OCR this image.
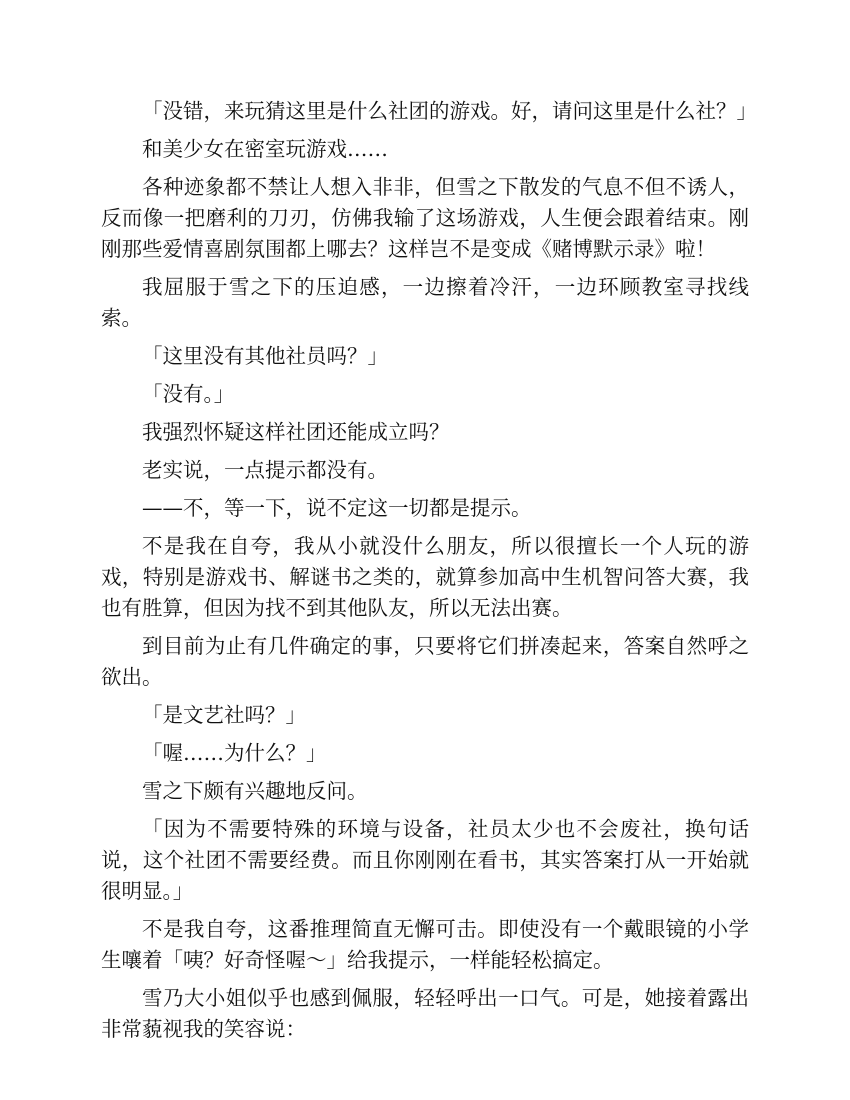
「没错，来玩猜这里是什么社团的游戏。好，请问这里是什么社？」

和美少女在密室玩游戏……

各种迹象都不禁让人想入非非，但雪之下散发的气息不但不诱人，反而像一把磨利的刀刃，仿佛我输了这场游戏，人生便会跟着结束。刚刚那些爱情喜剧氛围都上哪去？这样岂不是变成《赌博默示录》啦！

我屈服于雪之下的压迫感，一边擦着冷汗，一边环顾教室寻找线索。

「这里没有其他社员吗？」

「没有。」

我强烈怀疑这样社团还能成立吗？

老实说，一点提示都没有。

——不，等一下，说不定这一切都是提示。

不是我在自夸，我从小就没什么朋友，所以很擅长一个人玩的游戏，特别是游戏书、解谜书之类的，就算参加高中生机智问答大赛，我也有胜算，但因为找不到其他队友，所以无法出赛。

到目前为止有几件确定的事，只要将它们拼凑起来，答案自然呼之欲出。

「是文艺社吗？」

「喔……为什么？」

雪之下颇有兴趣地反问。

「因为不需要特殊的环境与设备，社员太少也不会废社，换句话说，这个社团不需要经费。而且你刚刚在看书，其实答案打从一开始就很明显。」

不是我自夸，这番推理简直无懈可击。即使没有一个戴眼镜的小学生嚷着「咦？好奇怪喔～」给我提示，一样能轻松搞定。

雪乃大小姐似乎也感到佩服，轻轻呼出一口气。可是，她接着露出非常藐视我的笑容说：
